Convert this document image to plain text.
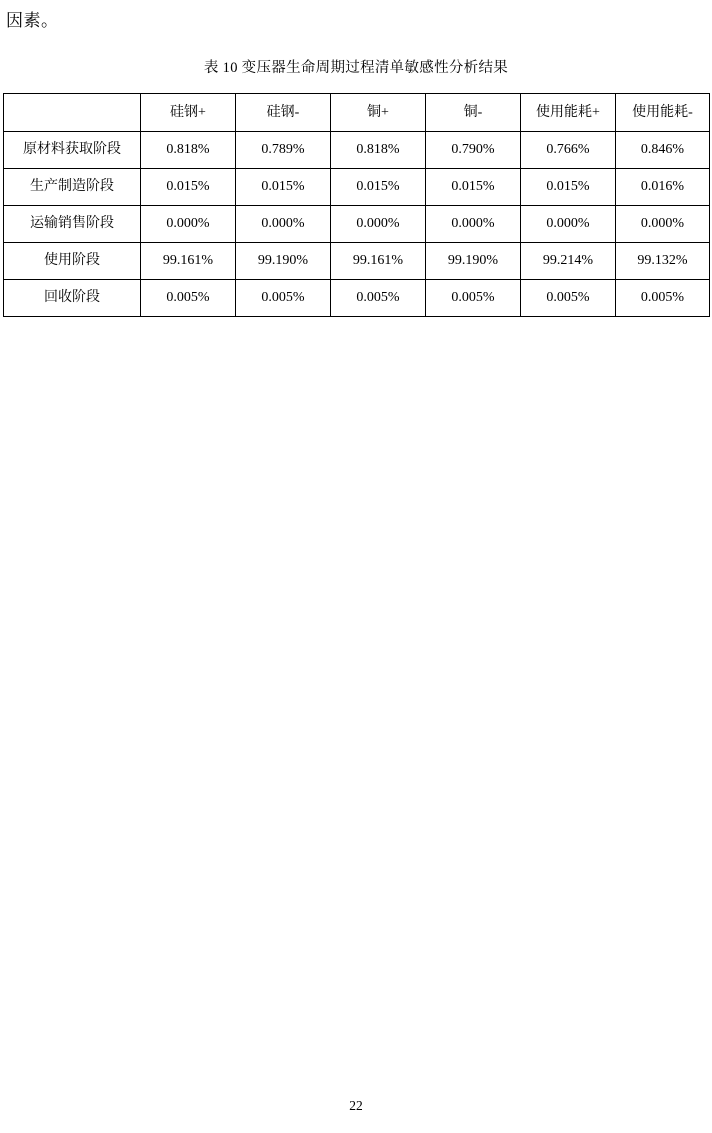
因素。
表 10 变压器生命周期过程清单敏感性分析结果
	硅钢+	硅钢-	铜+	铜-	使用能耗+	使用能耗-
原材料获取阶段	0.818%	0.789%	0.818%	0.790%	0.766%	0.846%
生产制造阶段	0.015%	0.015%	0.015%	0.015%	0.015%	0.016%
运输销售阶段	0.000%	0.000%	0.000%	0.000%	0.000%	0.000%
使用阶段	99.161%	99.190%	99.161%	99.190%	99.214%	99.132%
回收阶段	0.005%	0.005%	0.005%	0.005%	0.005%	0.005%
22
